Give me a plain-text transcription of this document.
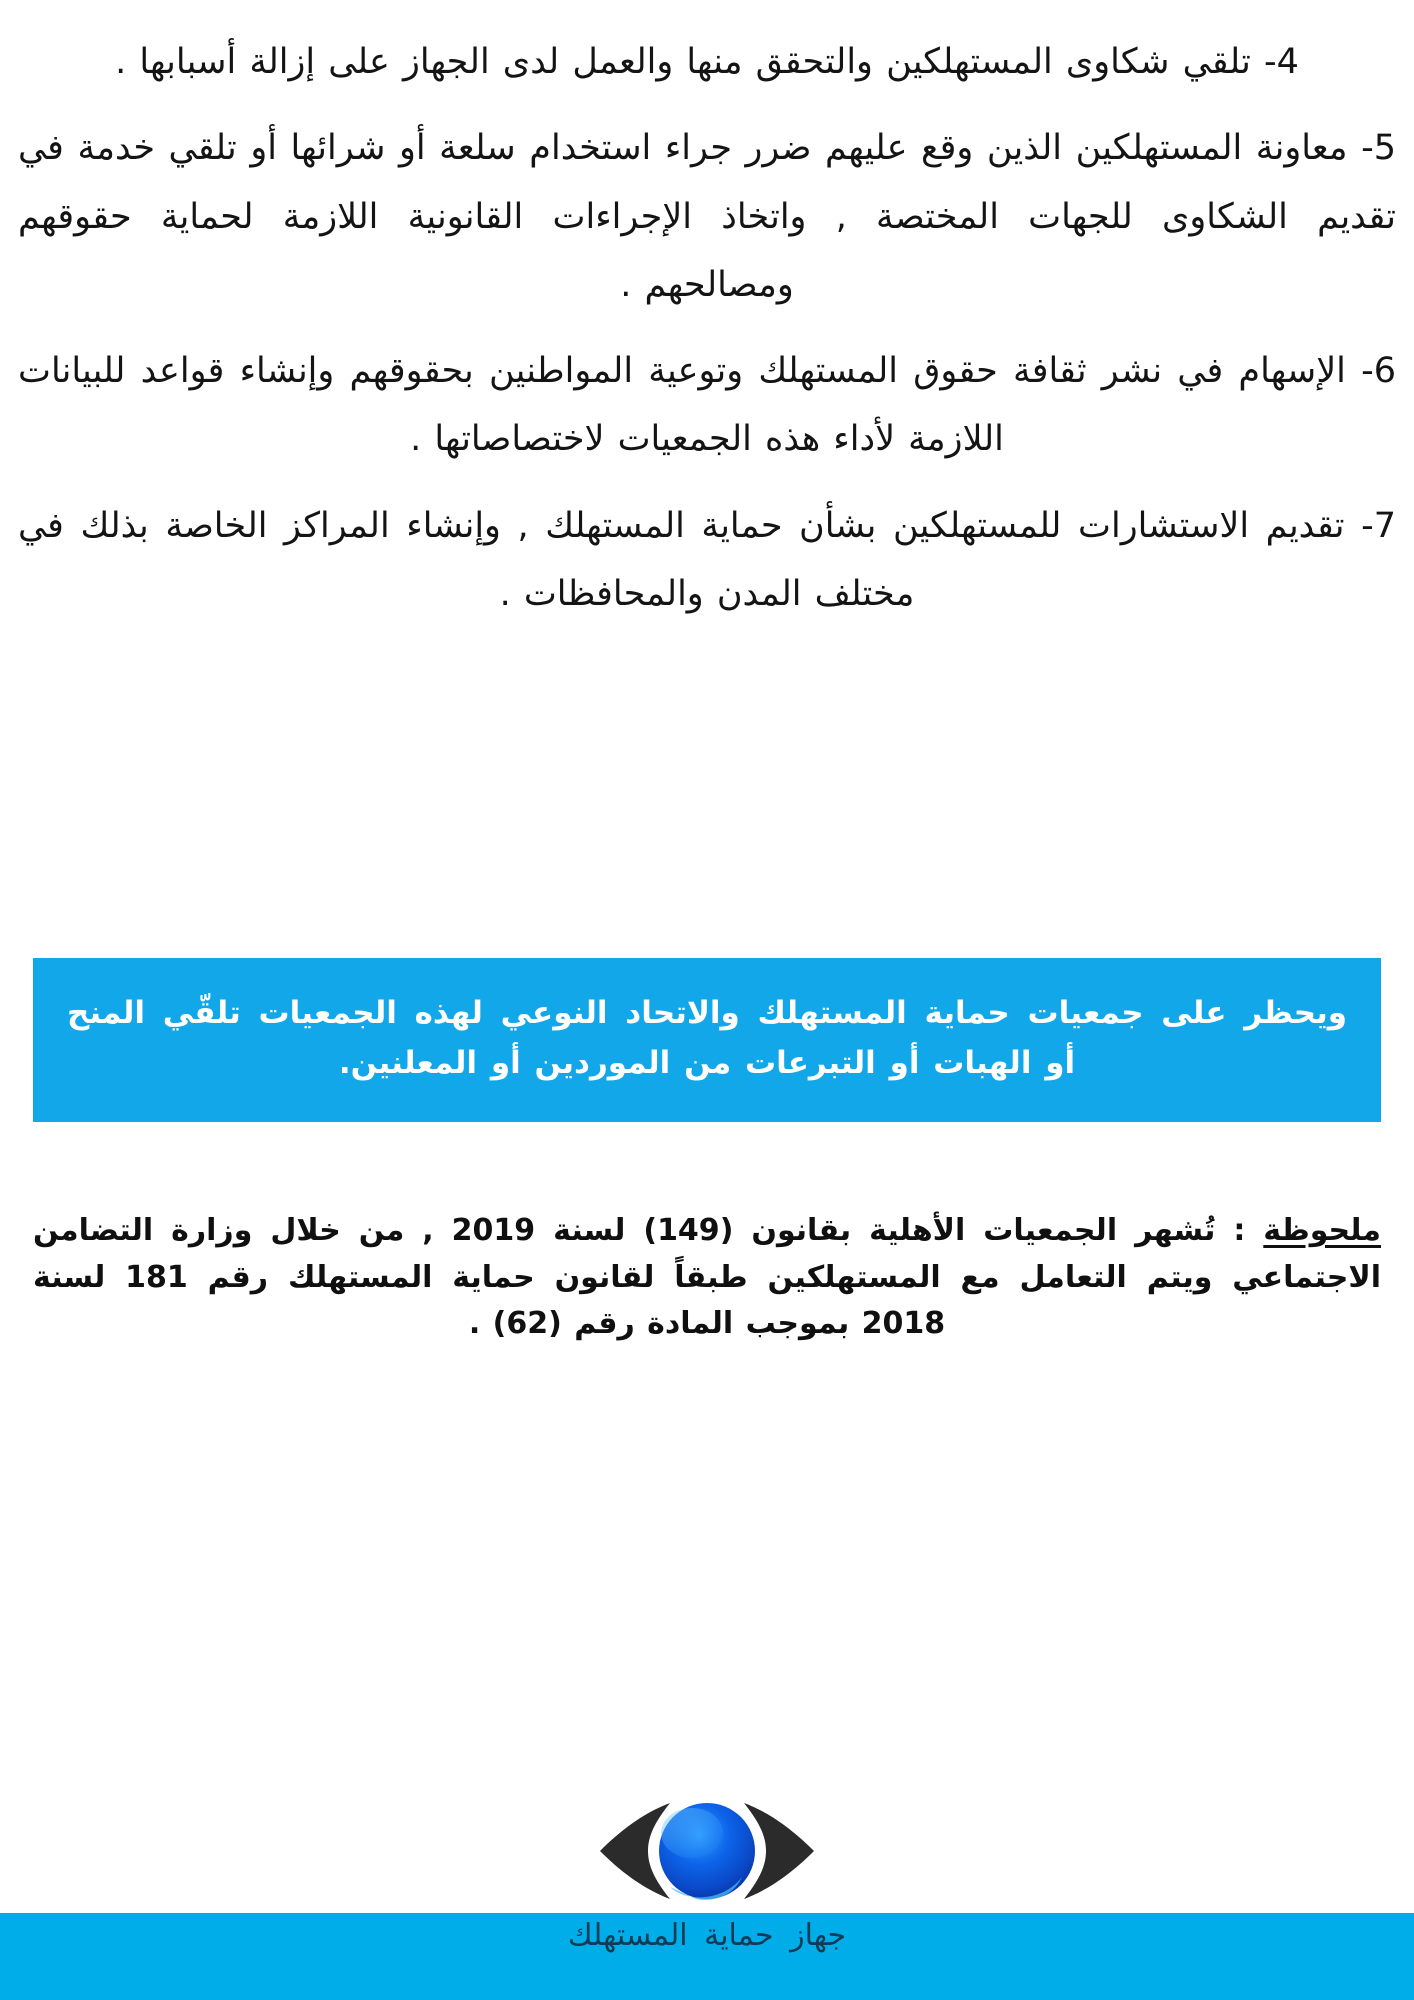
4- تلقي شكاوى المستهلكين والتحقق منها والعمل لدى الجهاز على إزالة أسبابها .
5- معاونة المستهلكين الذين وقع عليهم ضرر جراء استخدام سلعة أو شرائها أو تلقي خدمة في تقديم الشكاوى للجهات المختصة , واتخاذ الإجراءات القانونية اللازمة لحماية حقوقهم ومصالحهم .
6- الإسهام في نشر ثقافة حقوق المستهلك وتوعية المواطنين بحقوقهم وإنشاء قواعد للبيانات اللازمة لأداء هذه الجمعيات لاختصاصاتها .
7- تقديم الاستشارات للمستهلكين بشأن حماية المستهلك , وإنشاء المراكز الخاصة بذلك في مختلف المدن والمحافظات .

ويحظر على جمعيات حماية المستهلك والاتحاد النوعي لهذه الجمعيات تلقّي المنح أو الهبات أو التبرعات من الموردين أو المعلنين.

ملحوظة : تُشهر الجمعيات الأهلية بقانون (149) لسنة 2019 , من خلال وزارة التضامن الاجتماعي ويتم التعامل مع المستهلكين طبقاً لقانون حماية المستهلك رقم 181 لسنة 2018 بموجب المادة رقم (62) .
جهاز حماية المستهلك
